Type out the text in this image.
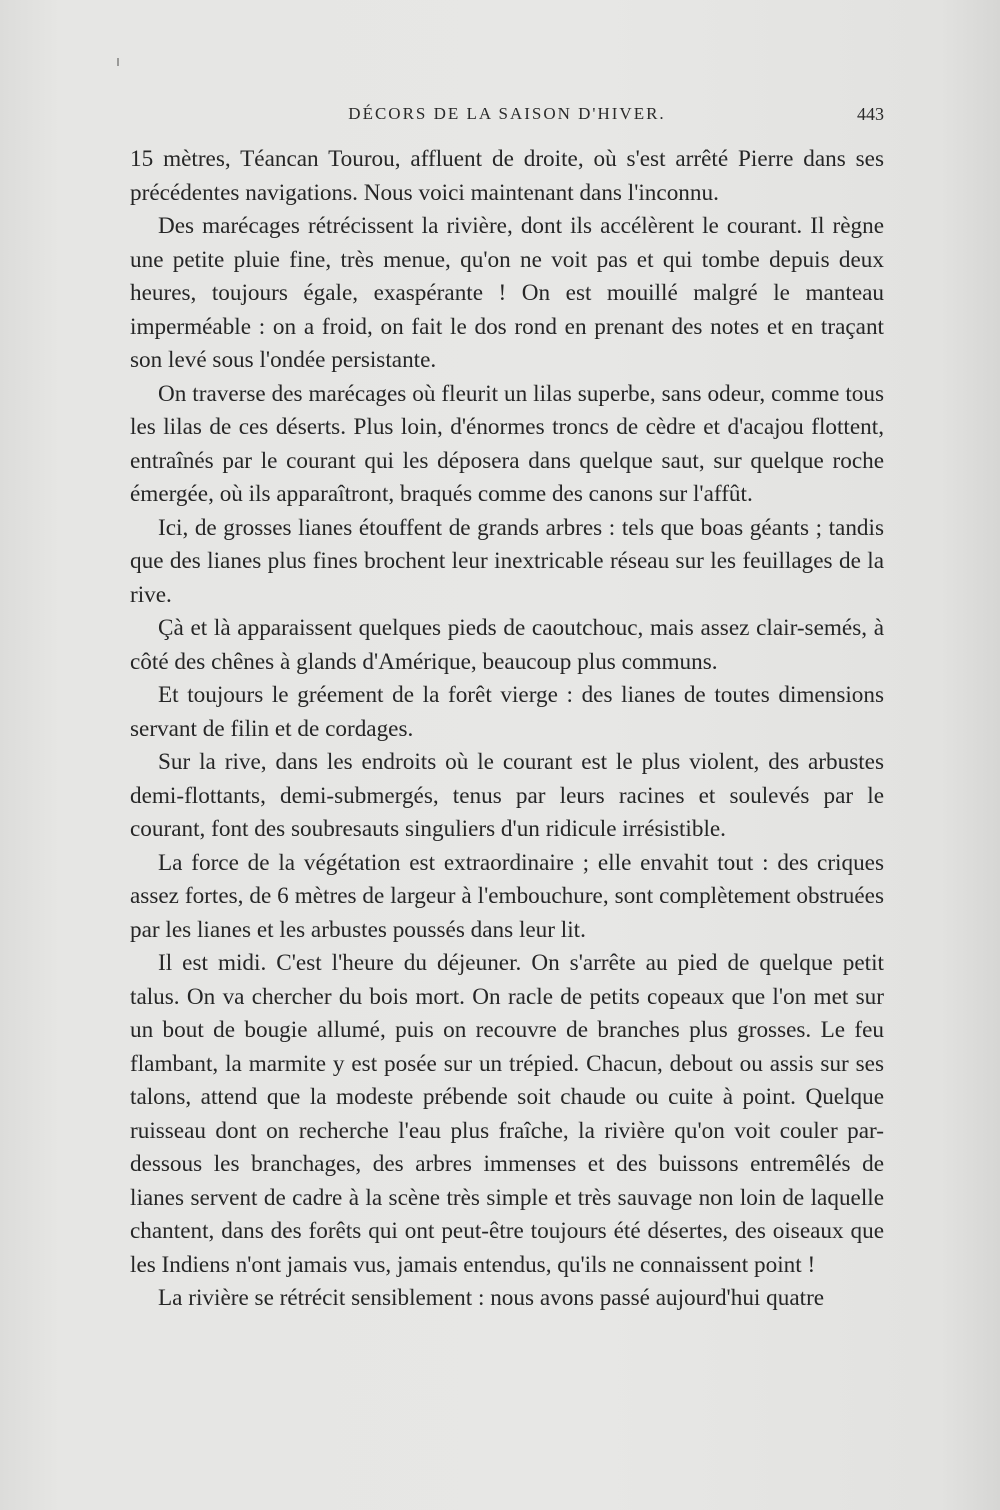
DÉCORS DE LA SAISON D'HIVER.	443

15 mètres, Téancan Tourou, affluent de droite, où s'est arrêté Pierre dans ses précédentes navigations. Nous voici maintenant dans l'inconnu.

Des marécages rétrécissent la rivière, dont ils accélèrent le courant. Il règne une petite pluie fine, très menue, qu'on ne voit pas et qui tombe depuis deux heures, toujours égale, exaspérante ! On est mouillé malgré le manteau imperméable : on a froid, on fait le dos rond en prenant des notes et en traçant son levé sous l'ondée persistante.

On traverse des marécages où fleurit un lilas superbe, sans odeur, comme tous les lilas de ces déserts. Plus loin, d'énormes troncs de cèdre et d'acajou flottent, entraînés par le courant qui les déposera dans quelque saut, sur quelque roche émergée, où ils apparaîtront, braqués comme des canons sur l'affût.

Ici, de grosses lianes étouffent de grands arbres : tels que boas géants ; tandis que des lianes plus fines brochent leur inextricable réseau sur les feuillages de la rive.

Çà et là apparaissent quelques pieds de caoutchouc, mais assez clair-semés, à côté des chênes à glands d'Amérique, beaucoup plus communs.

Et toujours le gréement de la forêt vierge : des lianes de toutes dimensions servant de filin et de cordages.

Sur la rive, dans les endroits où le courant est le plus violent, des arbustes demi-flottants, demi-submergés, tenus par leurs racines et soulevés par le courant, font des soubresauts singuliers d'un ridicule irrésistible.

La force de la végétation est extraordinaire ; elle envahit tout : des criques assez fortes, de 6 mètres de largeur à l'embouchure, sont complètement obstruées par les lianes et les arbustes poussés dans leur lit.

Il est midi. C'est l'heure du déjeuner. On s'arrête au pied de quelque petit talus. On va chercher du bois mort. On racle de petits copeaux que l'on met sur un bout de bougie allumé, puis on recouvre de branches plus grosses. Le feu flambant, la marmite y est posée sur un trépied. Chacun, debout ou assis sur ses talons, attend que la modeste prébende soit chaude ou cuite à point. Quelque ruisseau dont on recherche l'eau plus fraîche, la rivière qu'on voit couler par-dessous les branchages, des arbres immenses et des buissons entremêlés de lianes servent de cadre à la scène très simple et très sauvage non loin de laquelle chantent, dans des forêts qui ont peut-être toujours été désertes, des oiseaux que les Indiens n'ont jamais vus, jamais entendus, qu'ils ne connaissent point !

La rivière se rétrécit sensiblement : nous avons passé aujourd'hui quatre
